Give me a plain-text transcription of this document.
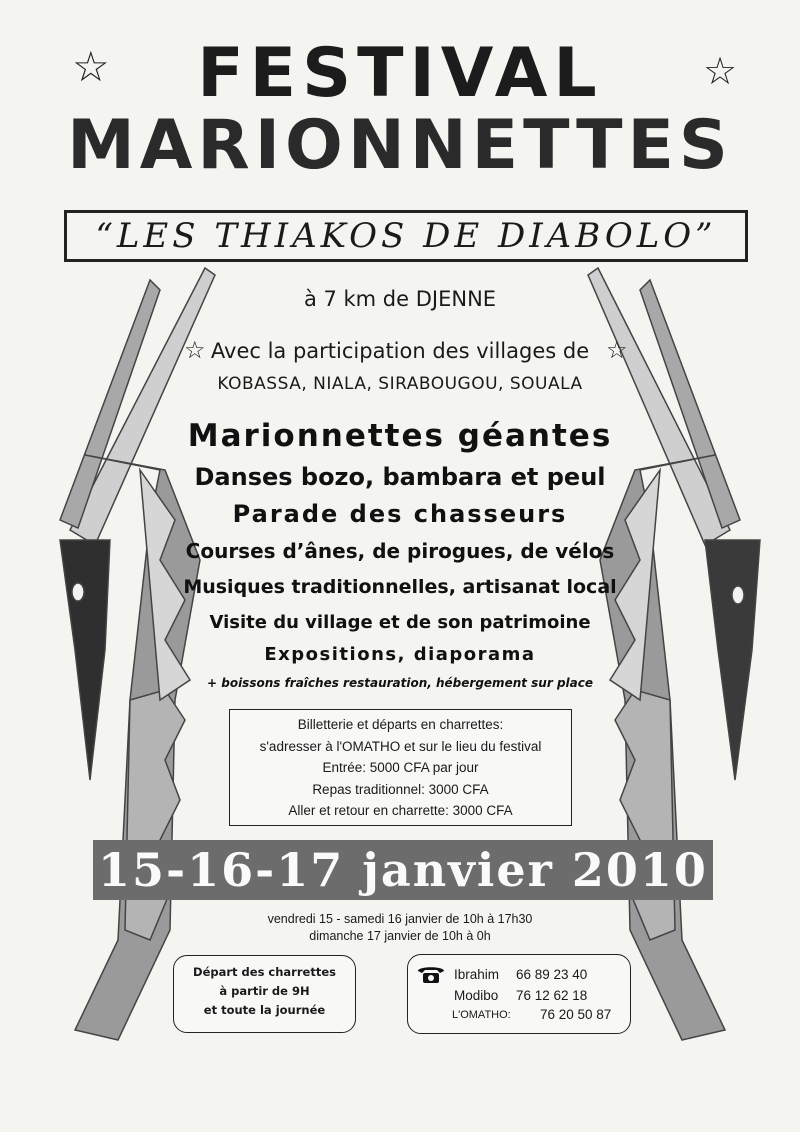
☆	☆
FESTIVAL
MARIONNETTES
“LES THIAKOS DE DIABOLO”
à 7 km de DJENNE
☆ Avec la participation des villages de ☆
KOBASSA, NIALA, SIRABOUGOU, SOUALA
Marionnettes géantes
Danses bozo, bambara et peul
Parade des chasseurs
Courses d’ânes, de pirogues, de vélos
Musiques traditionnelles, artisanat local
Visite du village et de son patrimoine
Expositions, diaporama
+ boissons fraîches restauration, hébergement sur place
Billetterie et départs en charrettes:
s'adresser à l'OMATHO et sur le lieu du festival
Entrée: 5000 CFA par jour
Repas traditionnel: 3000 CFA
Aller et retour en charrette: 3000 CFA
15-16-17 janvier 2010
vendredi 15 - samedi 16 janvier de 10h à 17h30
dimanche 17 janvier de 10h à 0h
Départ des charrettes
à partir de 9H
et toute la journée
Ibrahim 66 89 23 40
Modibo 76 12 62 18
L'OMATHO: 76 20 50 87
